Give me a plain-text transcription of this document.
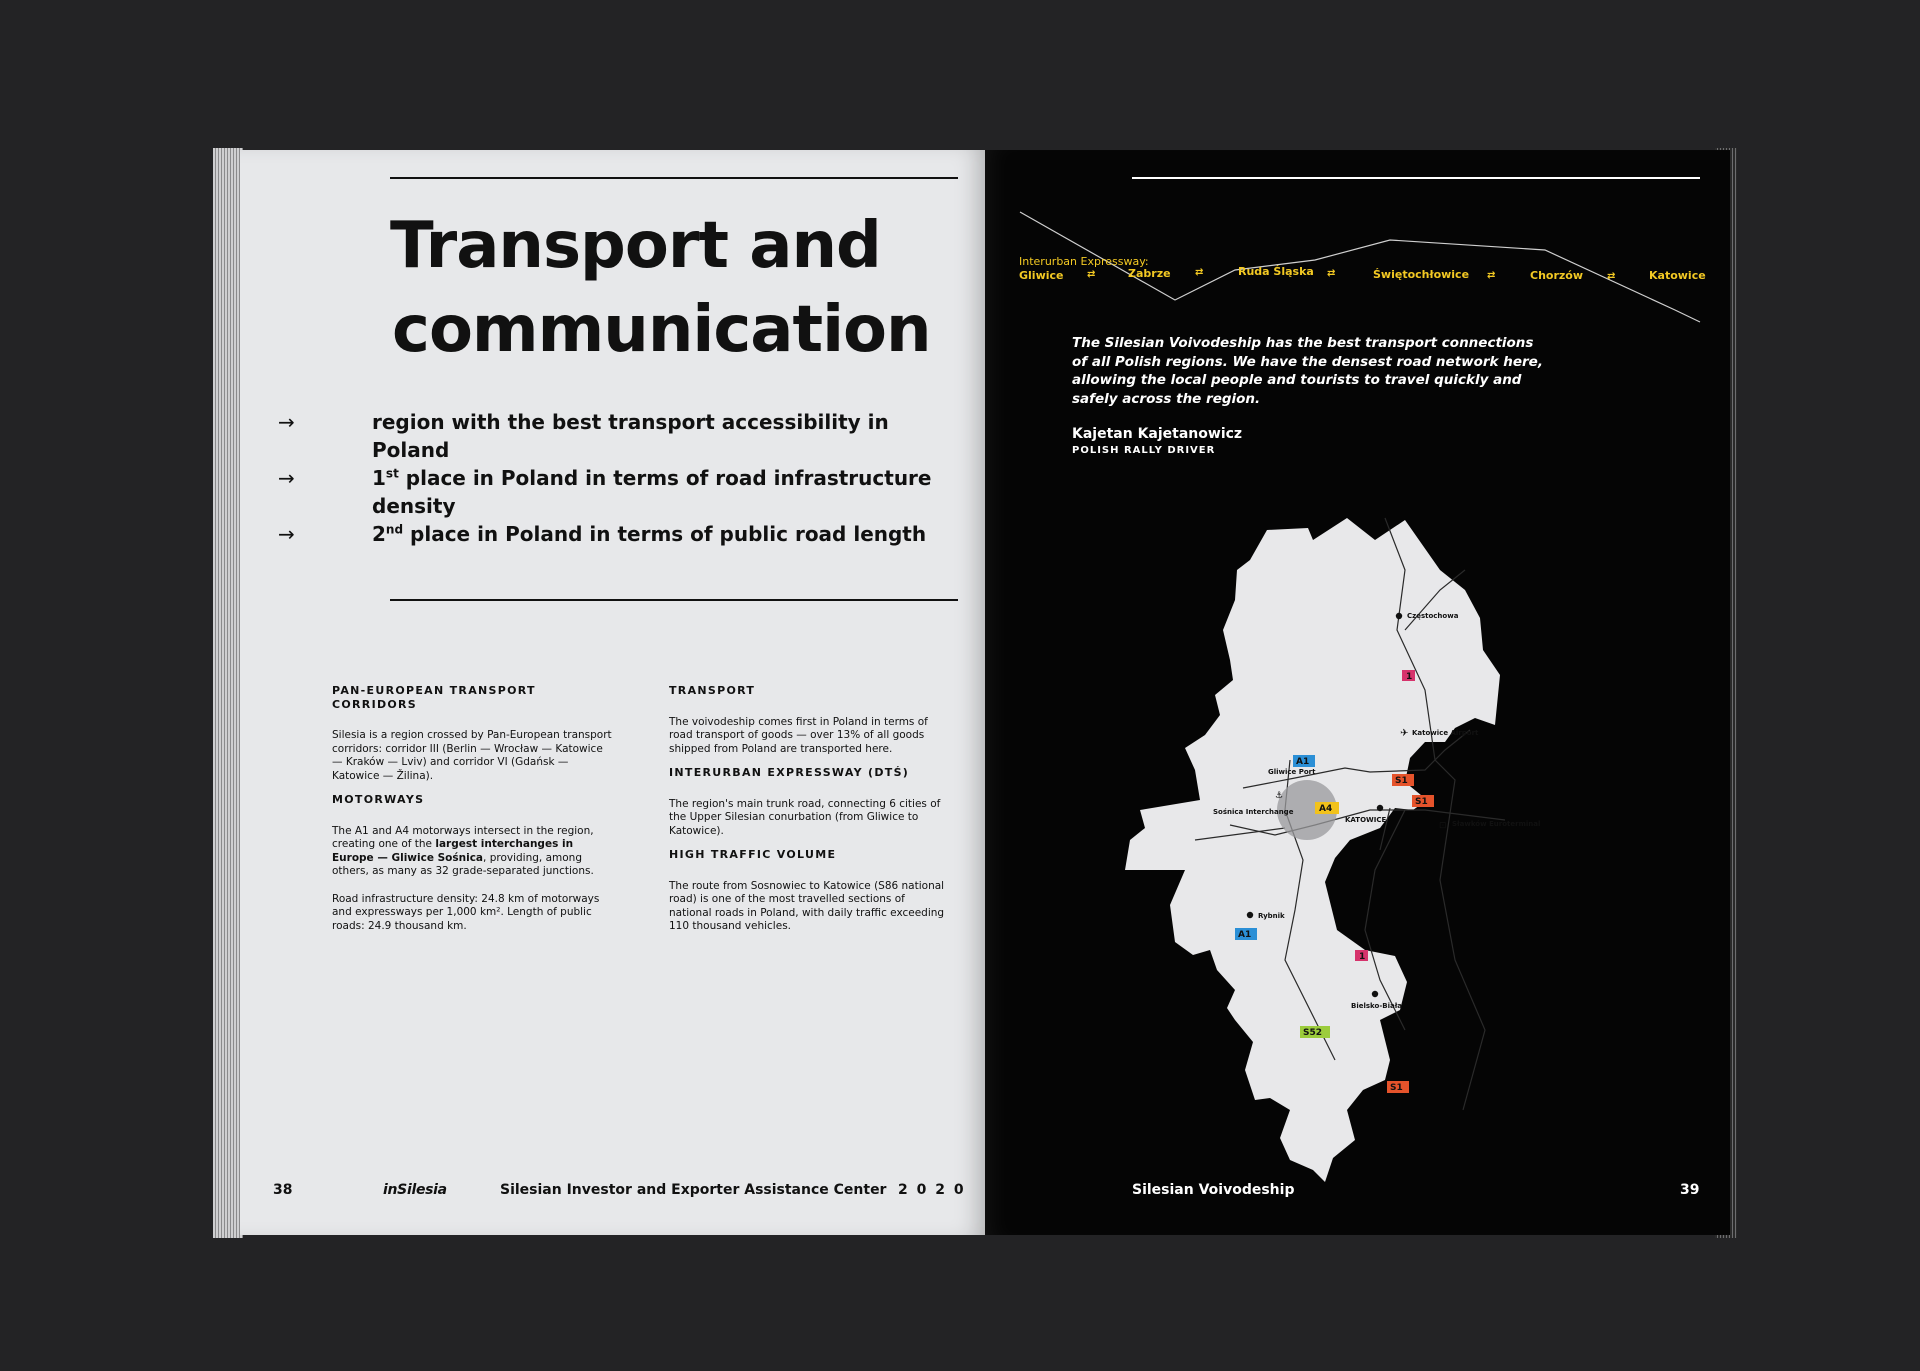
Transport and
communication
→	region with the best transport accessibility in Poland
→	1st place in Poland in terms of road infrastructure density
→	2nd place in Poland in terms of public road length
PAN-EUROPEAN TRANSPORT CORRIDORS

Silesia is a region crossed by Pan-European transport corridors: corridor III (Berlin — Wrocław — Katowice — Kraków — Lviv) and corridor VI (Gdańsk — Katowice — Žilina).

MOTORWAYS

The A1 and A4 motorways intersect in the region, creating one of the largest interchanges in Europe — Gliwice Sośnica, providing, among others, as many as 32 grade-separated junctions.

Road infrastructure density: 24.8 km of motorways and expressways per 1,000 km². Length of public roads: 24.9 thousand km.

TRANSPORT

The voivodeship comes first in Poland in terms of road transport of goods — over 13% of all goods shipped from Poland are transported here.

INTERURBAN EXPRESSWAY (DTŚ)

The region's main trunk road, connecting 6 cities of the Upper Silesian conurbation (from Gliwice to Katowice).

HIGH TRAFFIC VOLUME

The route from Sosnowiec to Katowice (S86 national road) is one of the most travelled sections of national roads in Poland, with daily traffic exceeding 110 thousand vehicles.

38	inSilesia	Silesian Investor and Exporter Assistance Center 2 0 2 0
Interurban Expressway:
Gliwice ⇄	Zabrze ⇄	Ruda Śląska ⇄	Świętochłowice ⇄	Chorzów ⇄	Katowice

The Silesian Voivodeship has the best transport connections of all Polish regions. We have the densest road network here, allowing the local people and tourists to travel quickly and safely across the region.

Kajetan Kajetanowicz
POLISH RALLY DRIVER
✈
⊡
⚓
Częstochowa
Katowice Airport
Gliwice Port
Sośnica Interchange
KATOWICE	Sławków Euroterminal
Rybnik
Bielsko-Biała
A1
A1
A4
S1
S1
S1
S52
1
1
Silesian Voivodeship	39
